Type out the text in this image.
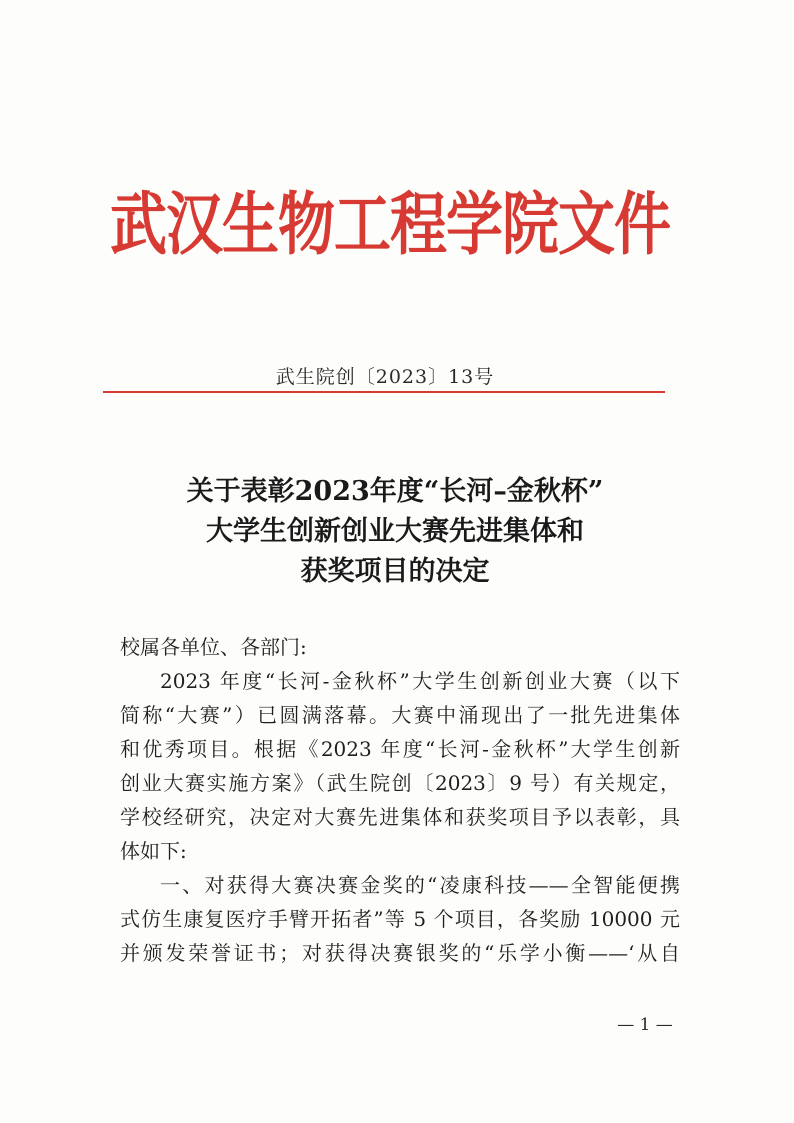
武汉生物工程学院文件
武生院创〔2023〕13号
关于表彰2023年度“长河–金秋杯”
大学生创新创业大赛先进集体和
获奖项目的决定
校属各单位、各部门:
2023 年度“长河-金秋杯”大学生创新创业大赛（以下
简称“大赛”）已圆满落幕。大赛中涌现出了一批先进集体
和优秀项目。根据《2023 年度“长河-金秋杯”大学生创新
创业大赛实施方案》（武生院创〔2023〕9 号）有关规定，
学校经研究，决定对大赛先进集体和获奖项目予以表彰，具
体如下:
一、对获得大赛决赛金奖的“凌康科技——全智能便携
式仿生康复医疗手臂开拓者”等 5 个项目，各奖励 10000 元
并颁发荣誉证书；对获得决赛银奖的“乐学小衡——‘从自
— 1 —
